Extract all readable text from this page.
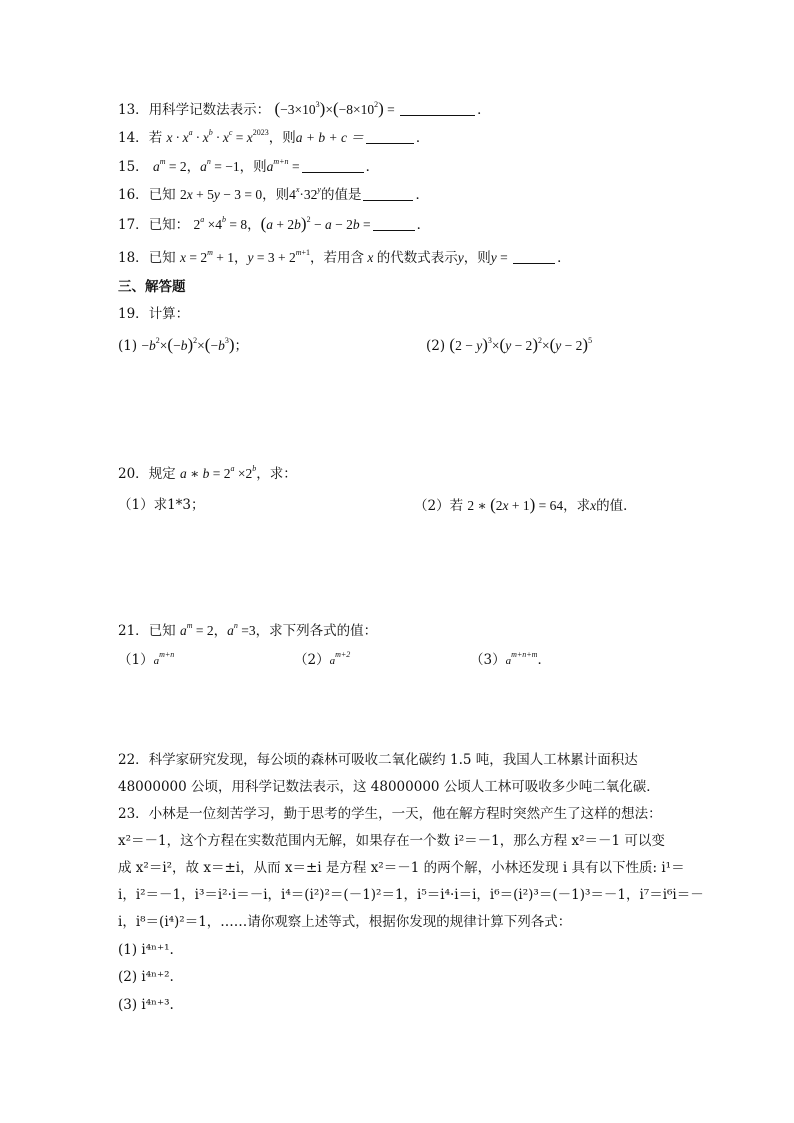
13．用科学记数法表示： $(-3\times 10^3)\times(-8\times 10^2)$ =	．
14．若 $x \cdot x^a \cdot x^b \cdot x^c = x^{2023}$，则a + b + c ＝	．
15． $a^m = 2$，$a^n = -1$，则$a^{m+n}$ =	．
16．已知 2x + 5y − 3 = 0，则$4^x\cdot 32^y$的值是	．
17．已知： $2^a \times 4^b = 8$，$(a + 2b)^2 - a - 2b$ =	．
18．已知 $x = 2^m + 1$，$y = 3 + 2^{m+1}$，若用含 x 的代数式表示y，则y =	．
三、解答题
19．计算：
$(1) -b^2\times(-b)^2\times(-b^3)$；	(2) $(2 - y)^3\times(y - 2)^2\times(y - 2)^5$
20．规定 a ∗ $b = 2^a \times 2^b$，求：
（1）求1*3；	（2）若 2 ∗ (2x + 1) = 64，求x的值．
21．已知 $a^m = 2$，$a^n =3$，求下列各式的值：
$(1)a^{m+n}$	$(2)a^{m+2}$	$(3)a^{m+n+m}$．
22．科学家研究发现，每公顷的森林可吸收二氧化碳约 1.5 吨，我国人工林累计面积达
48000000 公顷，用科学记数法表示，这 48000000 公顷人工林可吸收多少吨二氧化碳．
23．小林是一位刻苦学习，勤于思考的学生，一天，他在解方程时突然产生了这样的想法：
x²＝－1，这个方程在实数范围内无解，如果存在一个数 i²＝－1，那么方程 x²＝－1 可以变
成 x²＝i²，故 x＝±i，从而 x＝±i 是方程 x²＝－1 的两个解，小林还发现 i 具有以下性质: i¹＝
i，i²＝－1，i³＝i²·i＝－i，i⁴＝(i²)²＝(－1)²＝1，i⁵＝i⁴·i＝i，i⁶＝(i²)³＝(－1)³＝－1，i⁷＝i⁶i＝－
i，i⁸＝(i⁴)²＝1，……请你观察上述等式，根据你发现的规律计算下列各式：
(1) i⁴ⁿ⁺¹.
(2) i⁴ⁿ⁺².
(3) i⁴ⁿ⁺³.
